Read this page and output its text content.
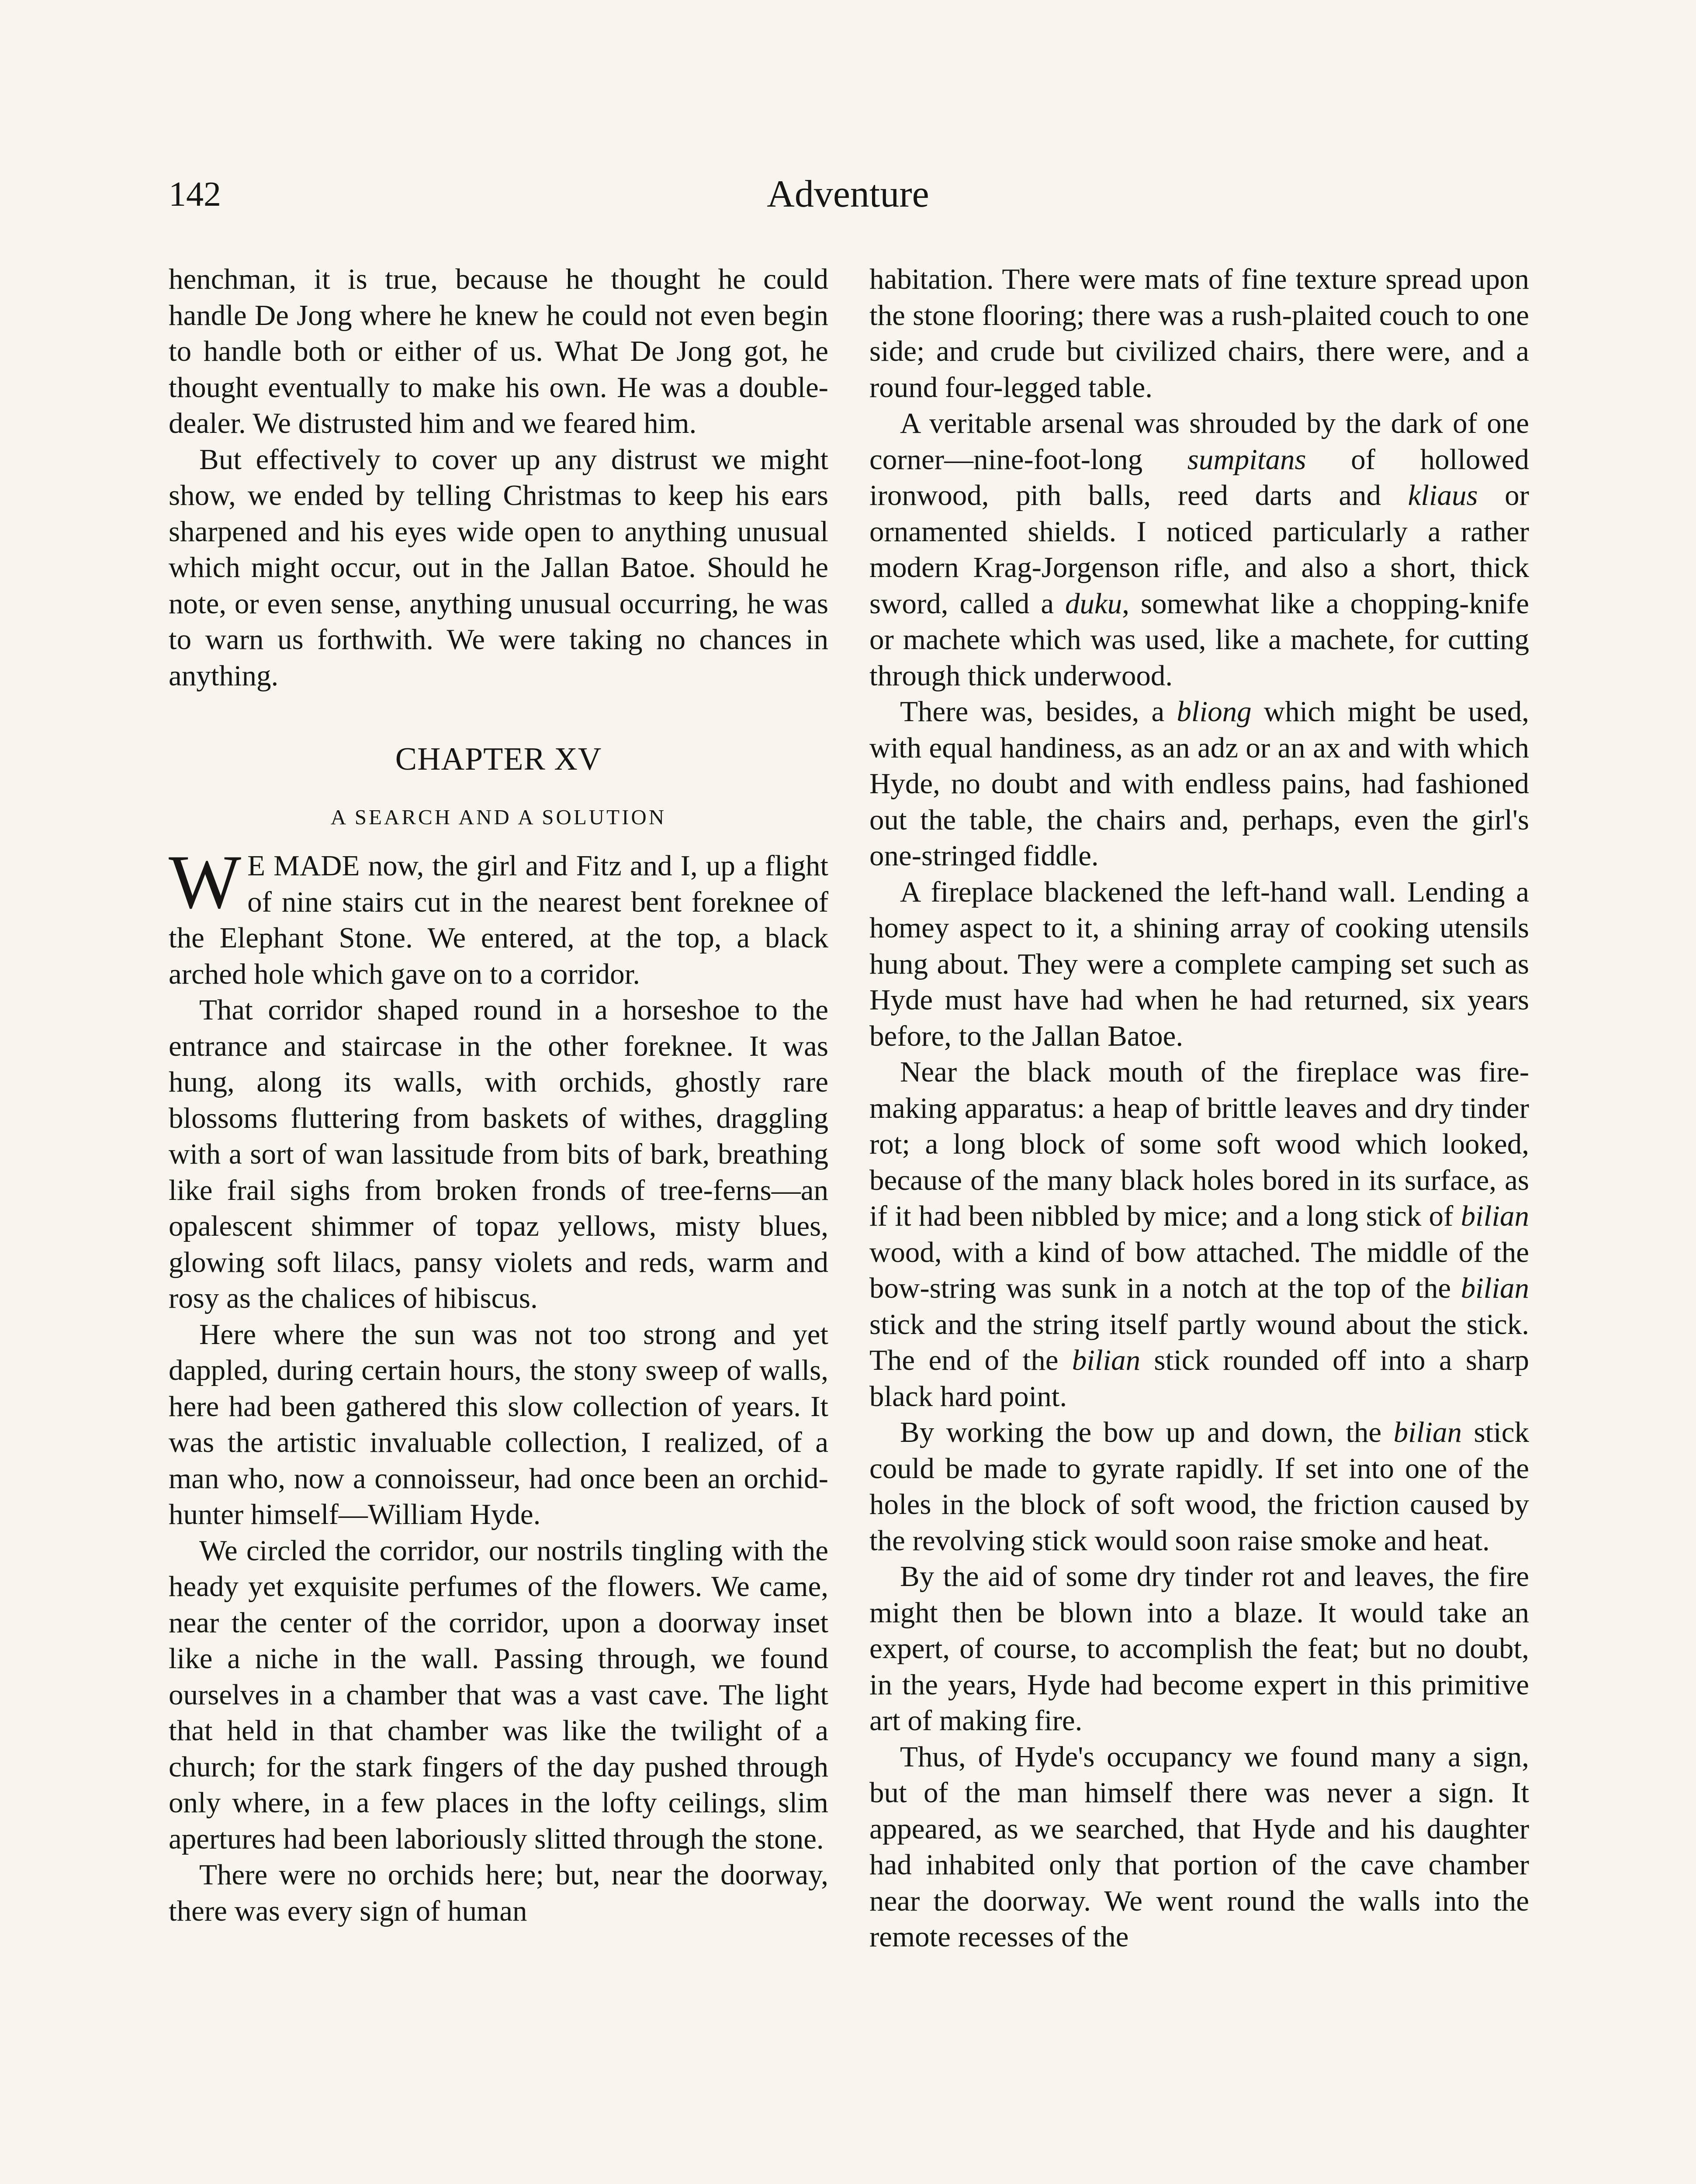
142	Adventure

henchman, it is true, because he thought he could handle De Jong where he knew he could not even begin to handle both or either of us. What De Jong got, he thought eventually to make his own. He was a double-dealer. We distrusted him and we feared him.

But effectively to cover up any distrust we might show, we ended by telling Christmas to keep his ears sharpened and his eyes wide open to anything unusual which might occur, out in the Jallan Batoe. Should he note, or even sense, anything unusual occurring, he was to warn us forthwith. We were taking no chances in anything.

CHAPTER XV
A SEARCH AND A SOLUTION

W E MADE now, the girl and Fitz and I, up a flight of nine stairs cut in the nearest bent foreknee of the Elephant Stone. We entered, at the top, a black arched hole which gave on to a corridor.

That corridor shaped round in a horseshoe to the entrance and staircase in the other foreknee. It was hung, along its walls, with orchids, ghostly rare blossoms fluttering from baskets of withes, draggling with a sort of wan lassitude from bits of bark, breathing like frail sighs from broken fronds of tree-ferns—an opalescent shimmer of topaz yellows, misty blues, glowing soft lilacs, pansy violets and reds, warm and rosy as the chalices of hibiscus.

Here where the sun was not too strong and yet dappled, during certain hours, the stony sweep of walls, here had been gathered this slow collection of years. It was the artistic invaluable collection, I realized, of a man who, now a connoisseur, had once been an orchid-hunter himself—William Hyde.

We circled the corridor, our nostrils tingling with the heady yet exquisite perfumes of the flowers. We came, near the center of the corridor, upon a doorway inset like a niche in the wall. Passing through, we found ourselves in a chamber that was a vast cave. The light that held in that chamber was like the twilight of a church; for the stark fingers of the day pushed through only where, in a few places in the lofty ceilings, slim apertures had been laboriously slitted through the stone.

There were no orchids here; but, near the doorway, there was every sign of human

habitation. There were mats of fine texture spread upon the stone flooring; there was a rush-plaited couch to one side; and crude but civilized chairs, there were, and a round four-legged table.

A veritable arsenal was shrouded by the dark of one corner—nine-foot-long sumpitans of hollowed ironwood, pith balls, reed darts and kliaus or ornamented shields. I noticed particularly a rather modern Krag-Jorgenson rifle, and also a short, thick sword, called a duku, somewhat like a chopping-knife or machete which was used, like a machete, for cutting through thick underwood.

There was, besides, a bliong which might be used, with equal handiness, as an adz or an ax and with which Hyde, no doubt and with endless pains, had fashioned out the table, the chairs and, perhaps, even the girl's one-stringed fiddle.

A fireplace blackened the left-hand wall. Lending a homey aspect to it, a shining array of cooking utensils hung about. They were a complete camping set such as Hyde must have had when he had returned, six years before, to the Jallan Batoe.

Near the black mouth of the fireplace was fire-making apparatus: a heap of brittle leaves and dry tinder rot; a long block of some soft wood which looked, because of the many black holes bored in its surface, as if it had been nibbled by mice; and a long stick of bilian wood, with a kind of bow attached. The middle of the bow-string was sunk in a notch at the top of the bilian stick and the string itself partly wound about the stick. The end of the bilian stick rounded off into a sharp black hard point.

By working the bow up and down, the bilian stick could be made to gyrate rapidly. If set into one of the holes in the block of soft wood, the friction caused by the revolving stick would soon raise smoke and heat.

By the aid of some dry tinder rot and leaves, the fire might then be blown into a blaze. It would take an expert, of course, to accomplish the feat; but no doubt, in the years, Hyde had become expert in this primitive art of making fire.

Thus, of Hyde's occupancy we found many a sign, but of the man himself there was never a sign. It appeared, as we searched, that Hyde and his daughter had inhabited only that portion of the cave chamber near the doorway. We went round the walls into the remote recesses of the
